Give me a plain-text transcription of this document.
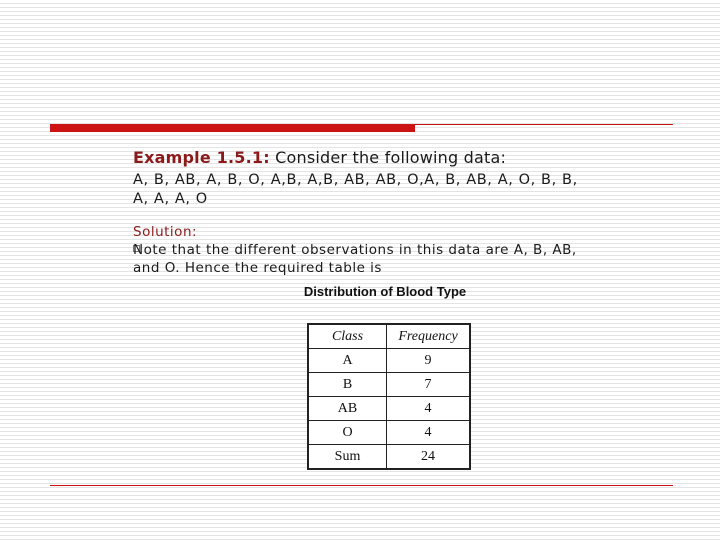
Example 1.5.1: Consider the following data:
A, B, AB, A, B, O, A,B, A,B, AB, AB, O,A, B, AB, A, O, B, B,
A, A, A, O
Solution:
Note that the different observations in this data are A, B, AB,
and O. Hence the required table is
Distribution of Blood Type
Class	Frequency
A	9
B	7
AB	4
O	4
Sum	24
